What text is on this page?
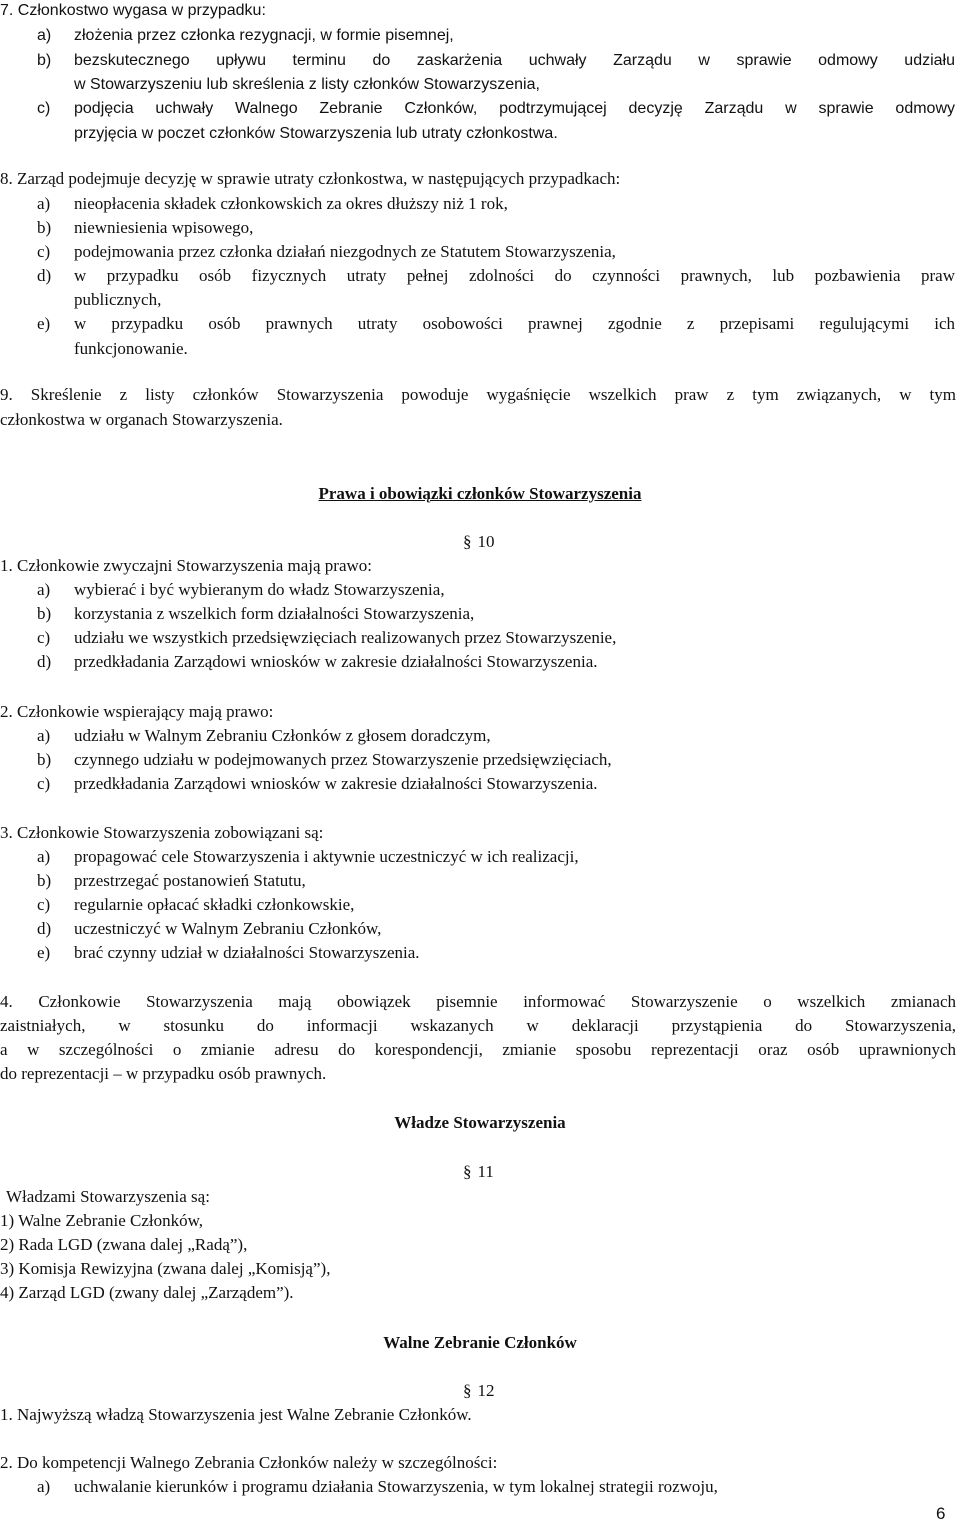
7. Członkostwo wygasa w przypadku:
a) złożenia przez członka rezygnacji, w formie pisemnej,
b) bezskutecznego upływu terminu do zaskarżenia uchwały Zarządu w sprawie odmowy udziału
w Stowarzyszeniu lub skreślenia z listy członków Stowarzyszenia,
c) podjęcia uchwały Walnego Zebranie Członków, podtrzymującej decyzję Zarządu w sprawie odmowy
przyjęcia w poczet członków Stowarzyszenia lub utraty członkostwa.
8. Zarząd podejmuje decyzję w sprawie utraty członkostwa, w następujących przypadkach:
a) nieopłacenia składek członkowskich za okres dłuższy niż 1 rok,
b) niewniesienia wpisowego,
c) podejmowania przez członka działań niezgodnych ze Statutem Stowarzyszenia,
d) w przypadku osób fizycznych utraty pełnej zdolności do czynności prawnych, lub pozbawienia praw
publicznych,
e) w przypadku osób prawnych utraty osobowości prawnej zgodnie z przepisami regulującymi ich
funkcjonowanie.
9. Skreślenie z listy członków Stowarzyszenia powoduje wygaśnięcie wszelkich praw z tym związanych, w tym
członkostwa w organach Stowarzyszenia.
Prawa i obowiązki członków Stowarzyszenia
§ 10
1. Członkowie zwyczajni Stowarzyszenia mają prawo:
a) wybierać i być wybieranym do władz Stowarzyszenia,
b) korzystania z wszelkich form działalności Stowarzyszenia,
c) udziału we wszystkich przedsięwzięciach realizowanych przez Stowarzyszenie,
d) przedkładania Zarządowi wniosków w zakresie działalności Stowarzyszenia.
2. Członkowie wspierający mają prawo:
a) udziału w Walnym Zebraniu Członków z głosem doradczym,
b) czynnego udziału w podejmowanych przez Stowarzyszenie przedsięwzięciach,
c) przedkładania Zarządowi wniosków w zakresie działalności Stowarzyszenia.
3. Członkowie Stowarzyszenia zobowiązani są:
a) propagować cele Stowarzyszenia i aktywnie uczestniczyć w ich realizacji,
b) przestrzegać postanowień Statutu,
c) regularnie opłacać składki członkowskie,
d) uczestniczyć w Walnym Zebraniu Członków,
e) brać czynny udział w działalności Stowarzyszenia.
4. Członkowie Stowarzyszenia mają obowiązek pisemnie informować Stowarzyszenie o wszelkich zmianach
zaistniałych, w stosunku do informacji wskazanych w deklaracji przystąpienia do Stowarzyszenia,
a w szczególności o zmianie adresu do korespondencji, zmianie sposobu reprezentacji oraz osób uprawnionych
do reprezentacji – w przypadku osób prawnych.
Władze Stowarzyszenia
§ 11
Władzami Stowarzyszenia są:
1) Walne Zebranie Członków,
2) Rada LGD (zwana dalej „Radą”),
3) Komisja Rewizyjna (zwana dalej „Komisją”),
4) Zarząd LGD (zwany dalej „Zarządem”).
Walne Zebranie Członków
§ 12
1. Najwyższą władzą Stowarzyszenia jest Walne Zebranie Członków.
2. Do kompetencji Walnego Zebrania Członków należy w szczególności:
a) uchwalanie kierunków i programu działania Stowarzyszenia, w tym lokalnej strategii rozwoju,
6
